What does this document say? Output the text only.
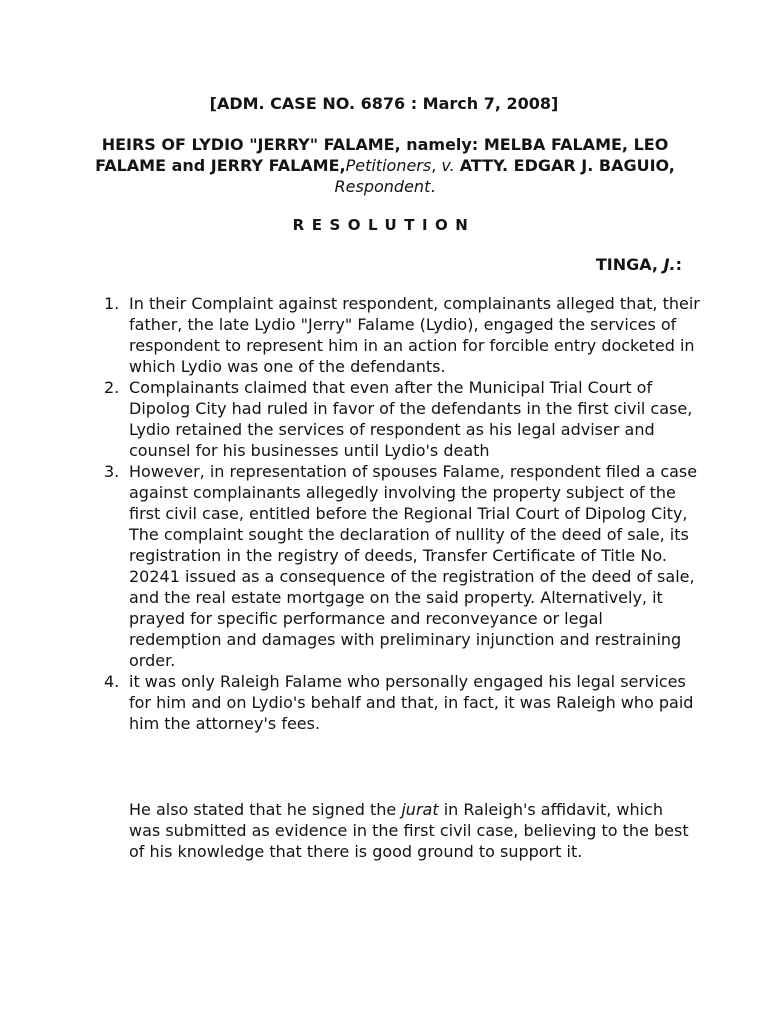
[ADM. CASE NO. 6876 : March 7, 2008]
HEIRS OF LYDIO "JERRY" FALAME, namely: MELBA FALAME, LEO FALAME and JERRY FALAME,Petitioners, v. ATTY. EDGAR J. BAGUIO, Respondent.
RESOLUTION
TINGA, J.:
1. In their Complaint against respondent, complainants alleged that, their father, the late Lydio "Jerry" Falame (Lydio), engaged the services of respondent to represent him in an action for forcible entry docketed in which Lydio was one of the defendants.
2. Complainants claimed that even after the Municipal Trial Court of Dipolog City had ruled in favor of the defendants in the first civil case, Lydio retained the services of respondent as his legal adviser and counsel for his businesses until Lydio's death
3. However, in representation of spouses Falame, respondent filed a case against complainants allegedly involving the property subject of the first civil case, entitled before the Regional Trial Court of Dipolog City, The complaint sought the declaration of nullity of the deed of sale, its registration in the registry of deeds, Transfer Certificate of Title No. 20241 issued as a consequence of the registration of the deed of sale, and the real estate mortgage on the said property. Alternatively, it prayed for specific performance and reconveyance or legal redemption and damages with preliminary injunction and restraining order.
4. it was only Raleigh Falame who personally engaged his legal services for him and on Lydio's behalf and that, in fact, it was Raleigh who paid him the attorney's fees.

He also stated that he signed the jurat in Raleigh's affidavit, which was submitted as evidence in the first civil case, believing to the best of his knowledge that there is good ground to support it.
